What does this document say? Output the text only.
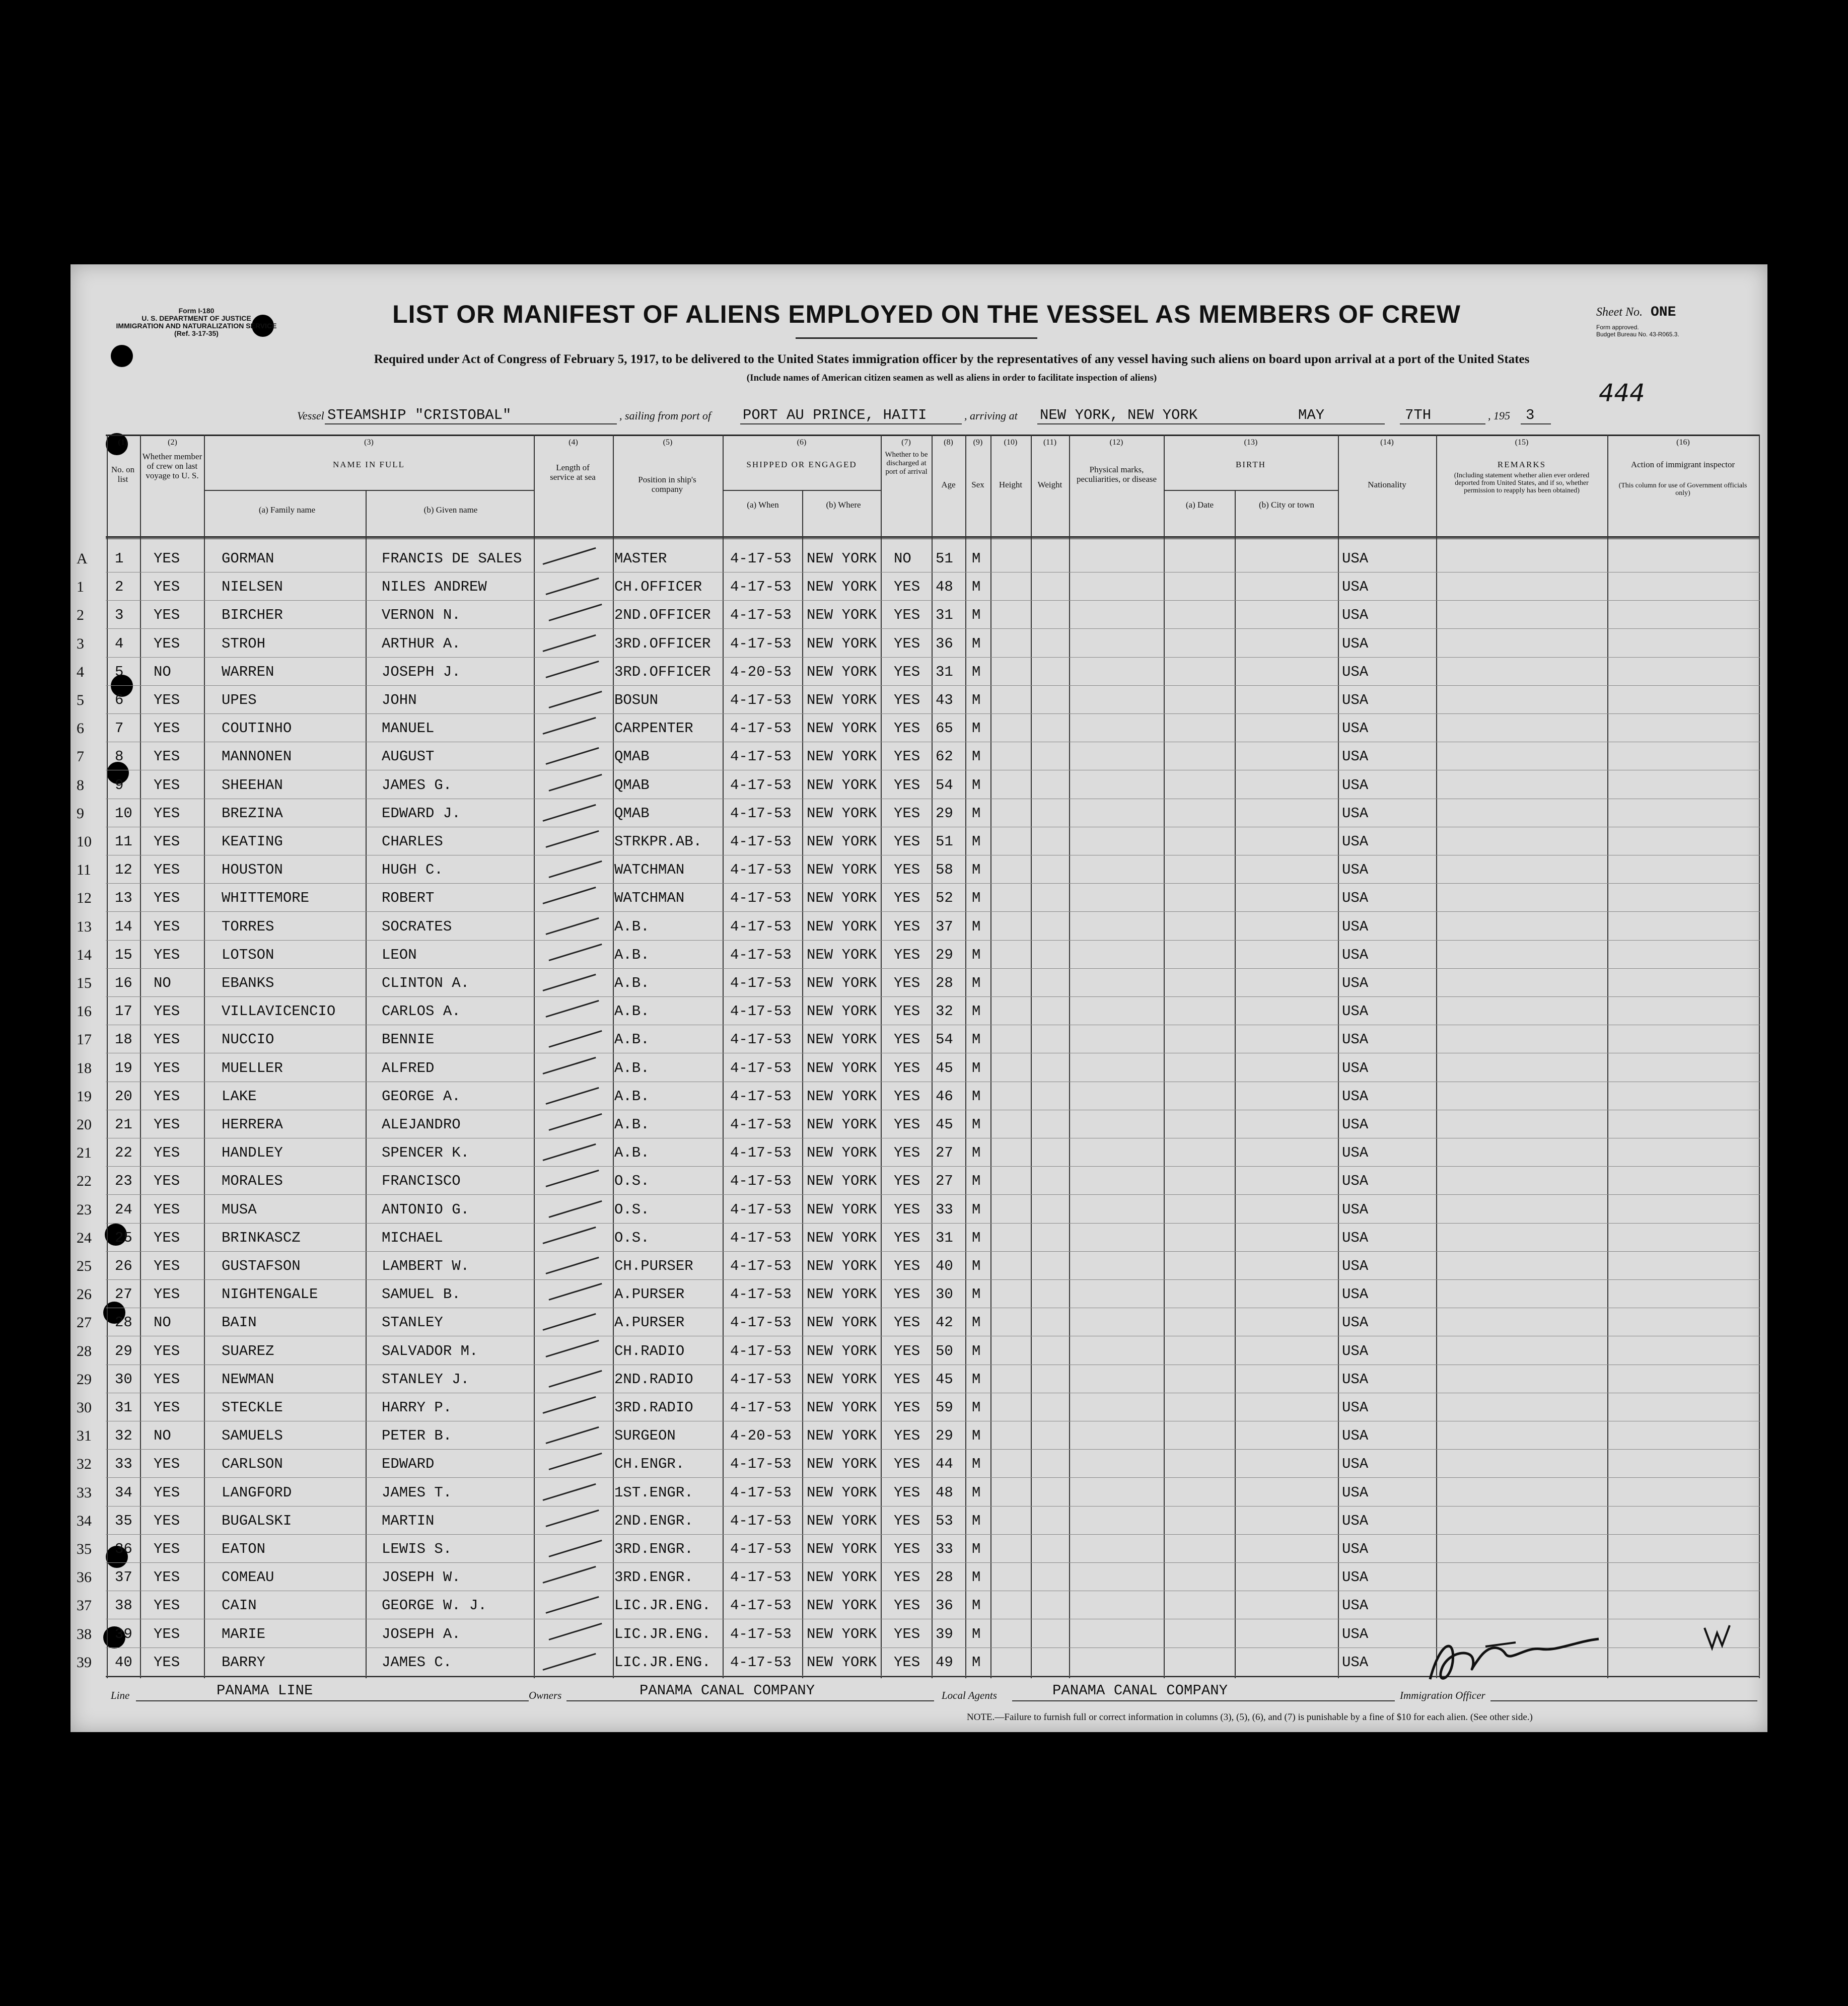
Form I-180
U. S. DEPARTMENT OF JUSTICE
IMMIGRATION AND NATURALIZATION SERVICE
(Ref. 3-17-35)
LIST OR MANIFEST OF ALIENS EMPLOYED ON THE VESSEL AS MEMBERS OF CREW	Sheet No. ONE
Form approved.
Budget Bureau No. 43-R065.3.
Required under Act of Congress of February 5, 1917, to be delivered to the United States immigration officer by the representatives of any vessel having such aliens on board upon arrival at a port of the United States
(Include names of American citizen seamen as well as aliens in order to facilitate inspection of aliens)
444
Vessel STEAMSHIP "CRISTOBAL"	, sailing from port of PORT AU PRINCE, HAITI	, arriving at NEW YORK, NEW YORK	MAY	7TH	, 195 3
(2)
(1)
No. on list
Whether member of crew on last voyage to U. S.
(3)
NAME IN FULL
(a) Family name	(b) Given name
(4)
Length of service at sea
(5)
Position in ship's company
(6)
SHIPPED OR ENGAGED
(a) When	(b) Where
(7)
Whether to be discharged at port of arrival
(8)
Age
(9)
Sex
(10)
Height
(11)
Weight
(12)
Physical marks, peculiarities, or disease
(13)
BIRTH
(a) Date	(b) City or town
(14)
Nationality
(15)
REMARKS
(Including statement whether alien ever ordered deported from United States, and if so, whether permission to reapply has been obtained)
(16)
Action of immigrant inspector
(This column for use of Government officials only)
A 1 YES	GORMAN	FRANCIS DE SALES	MASTER	4-17-53 NEW YORK NO 51 M	USA
1 2 YES	NIELSEN	NILES ANDREW	CH.OFFICER 4-17-53 NEW YORK YES 48 M	USA
2 3 YES	BIRCHER	VERNON N.	2ND.OFFICER 4-17-53 NEW YORK YES 31 M	USA
3 4 YES	STROH	ARTHUR A.	3RD.OFFICER 4-17-53 NEW YORK YES 36 M	USA
4 5 NO	WARREN	JOSEPH J.	3RD.OFFICER 4-20-53 NEW YORK YES 31 M	USA
5 6 YES	UPES	JOHN	BOSUN	4-17-53 NEW YORK YES 43 M	USA
6 7 YES	COUTINHO	MANUEL	CARPENTER	4-17-53 NEW YORK YES 65 M	USA
7 8 YES	MANNONEN	AUGUST	QMAB	4-17-53 NEW YORK YES 62 M	USA
8 9 YES	SHEEHAN	JAMES G.	QMAB	4-17-53 NEW YORK YES 54 M	USA
9 10 YES	BREZINA	EDWARD J.	QMAB	4-17-53 NEW YORK YES 29 M	USA
10 11 YES	KEATING	CHARLES	STRKPR.AB. 4-17-53 NEW YORK YES 51 M	USA
11 12 YES	HOUSTON	HUGH C.	WATCHMAN	4-17-53 NEW YORK YES 58 M	USA
12 13 YES	WHITTEMORE	ROBERT	WATCHMAN	4-17-53 NEW YORK YES 52 M	USA
13 14 YES	TORRES	SOCRATES	A.B.	4-17-53 NEW YORK YES 37 M	USA
14 15 YES	LOTSON	LEON	A.B.	4-17-53 NEW YORK YES 29 M	USA
15 16 NO	EBANKS	CLINTON A.	A.B.	4-17-53 NEW YORK YES 28 M	USA
16 17 YES	VILLAVICENCIO	CARLOS A.	A.B.	4-17-53 NEW YORK YES 32 M	USA
17 18 YES	NUCCIO	BENNIE	A.B.	4-17-53 NEW YORK YES 54 M	USA
18 19 YES	MUELLER	ALFRED	A.B.	4-17-53 NEW YORK YES 45 M	USA
19 20 YES	LAKE	GEORGE A.	A.B.	4-17-53 NEW YORK YES 46 M	USA
20 21 YES	HERRERA	ALEJANDRO	A.B.	4-17-53 NEW YORK YES 45 M	USA
21 22 YES	HANDLEY	SPENCER K.	A.B.	4-17-53 NEW YORK YES 27 M	USA
22 23 YES	MORALES	FRANCISCO	O.S.	4-17-53 NEW YORK YES 27 M	USA
23 24 YES	MUSA	ANTONIO G.	O.S.	4-17-53 NEW YORK YES 33 M	USA
24 25 YES	BRINKASCZ	MICHAEL	O.S.	4-17-53 NEW YORK YES 31 M	USA
25 26 YES	GUSTAFSON	LAMBERT W.	CH.PURSER	4-17-53 NEW YORK YES 40 M	USA
26 27 YES	NIGHTENGALE	SAMUEL B.	A.PURSER	4-17-53 NEW YORK YES 30 M	USA
27 28 NO	BAIN	STANLEY	A.PURSER	4-17-53 NEW YORK YES 42 M	USA
28 29 YES	SUAREZ	SALVADOR M.	CH.RADIO	4-17-53 NEW YORK YES 50 M	USA
29 30 YES	NEWMAN	STANLEY J.	2ND.RADIO	4-17-53 NEW YORK YES 45 M	USA
30 31 YES	STECKLE	HARRY P.	3RD.RADIO	4-17-53 NEW YORK YES 59 M	USA
31 32 NO	SAMUELS	PETER B.	SURGEON	4-20-53 NEW YORK YES 29 M	USA
32 33 YES	CARLSON	EDWARD	CH.ENGR.	4-17-53 NEW YORK YES 44 M	USA
33 34 YES	LANGFORD	JAMES T.	1ST.ENGR.	4-17-53 NEW YORK YES 48 M	USA
34 35 YES	BUGALSKI	MARTIN	2ND.ENGR.	4-17-53 NEW YORK YES 53 M	USA
35 36 YES	EATON	LEWIS S.	3RD.ENGR.	4-17-53 NEW YORK YES 33 M	USA
36 37 YES	COMEAU	JOSEPH W.	3RD.ENGR.	4-17-53 NEW YORK YES 28 M	USA
37 38 YES	CAIN	GEORGE W. J.	LIC.JR.ENG. 4-17-53 NEW YORK YES 36 M	USA
38 39 YES	MARIE	JOSEPH A.	LIC.JR.ENG. 4-17-53 NEW YORK YES 39 M	USA
39 40 YES	BARRY	JAMES C.	LIC.JR.ENG. 4-17-53 NEW YORK YES 49 M	USA
Line	PANAMA LINE	Owners	PANAMA CANAL COMPANY	Local Agents	PANAMA CANAL COMPANY	Immigration Officer
NOTE.—Failure to furnish full or correct information in columns (3), (5), (6), and (7) is punishable by a fine of $10 for each alien. (See other side.)
